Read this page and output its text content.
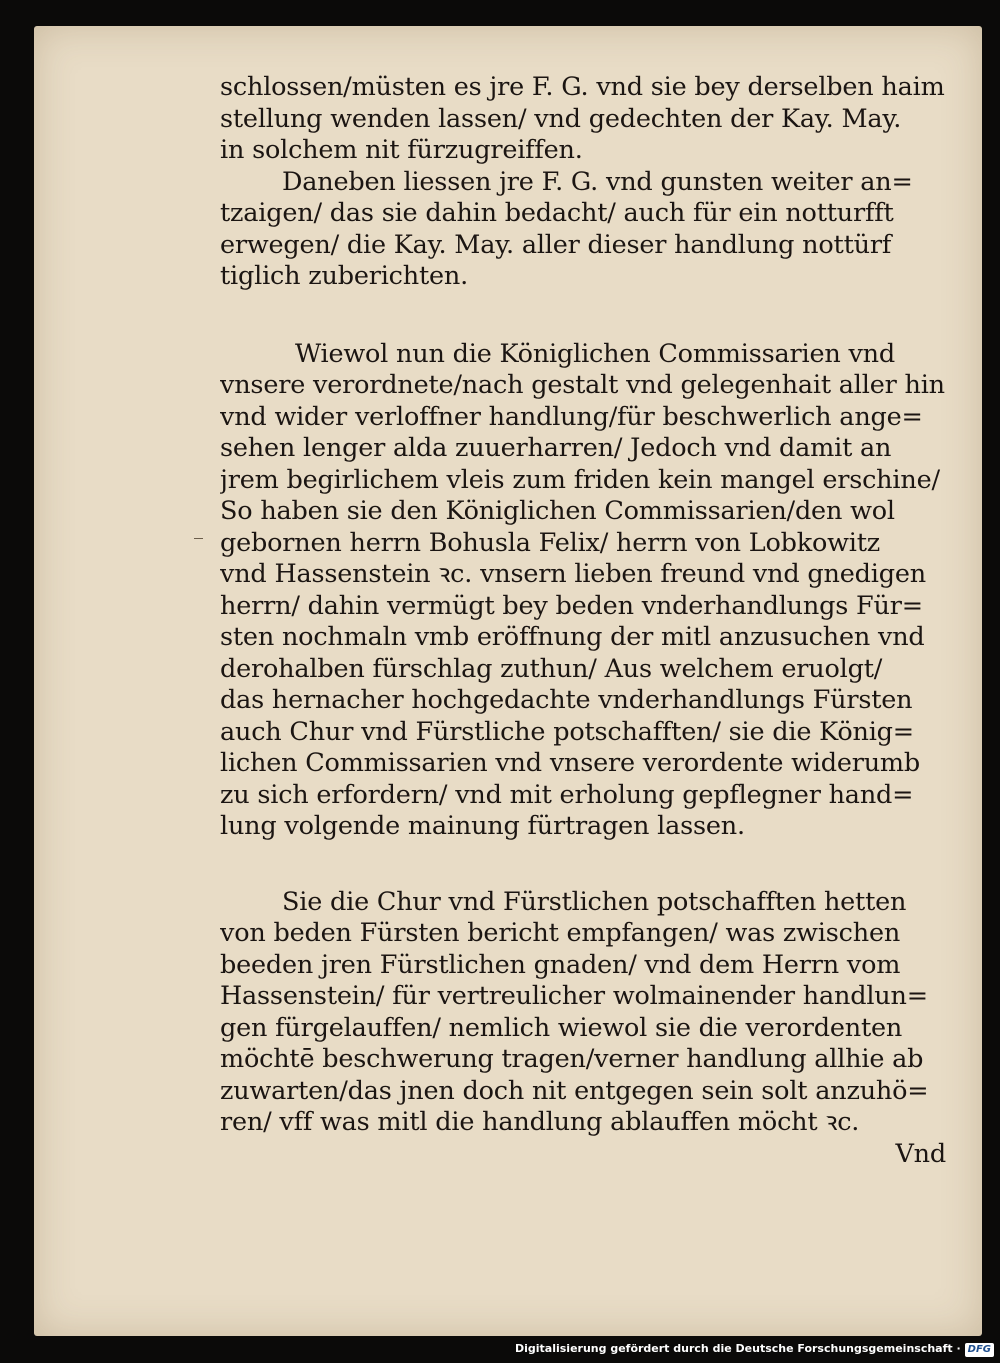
schlossen/müsten es jre F. G. vnd sie bey derselben haim
stellung wenden lassen/ vnd gedechten der Kay. May.
in solchem nit fürzugreiffen.
Daneben liessen jre F. G. vnd gunsten weiter an=
tzaigen/ das sie dahin bedacht/ auch für ein notturfft
erwegen/ die Kay. May. aller dieser handlung nottürf
tiglich zuberichten.
Wiewol nun die Königlichen Commissarien vnd
vnsere verordnete/nach gestalt vnd gelegenhait aller hin
vnd wider verloffner handlung/für beschwerlich ange=
sehen lenger alda zuuerharren/ Jedoch vnd damit an
jrem begirlichem vleis zum friden kein mangel erschine/
So haben sie den Königlichen Commissarien/den wol
gebornen herrn Bohusla Felix/ herrn von Lobkowitz
vnd Hassenstein ꝛc. vnsern lieben freund vnd gnedigen
herrn/ dahin vermügt bey beden vnderhandlungs Für=
sten nochmaln vmb eröffnung der mitl anzusuchen vnd
derohalben fürschlag zuthun/ Aus welchem eruolgt/
das hernacher hochgedachte vnderhandlungs Fürsten
auch Chur vnd Fürstliche potschafften/ sie die König=
lichen Commissarien vnd vnsere verordente widerumb
zu sich erfordern/ vnd mit erholung gepflegner hand=
lung volgende mainung fürtragen lassen.
Sie die Chur vnd Fürstlichen potschafften hetten
von beden Fürsten bericht empfangen/ was zwischen
beeden jren Fürstlichen gnaden/ vnd dem Herrn vom
Hassenstein/ für vertreulicher wolmainender handlun=
gen fürgelauffen/ nemlich wiewol sie die verordenten
möchtē beschwerung tragen/verner handlung allhie ab
zuwarten/das jnen doch nit entgegen sein solt anzuhö=
ren/ vff was mitl die handlung ablauffen möcht ꝛc.
Vnd
Digitalisierung gefördert durch die Deutsche Forschungsgemeinschaft · DFG
